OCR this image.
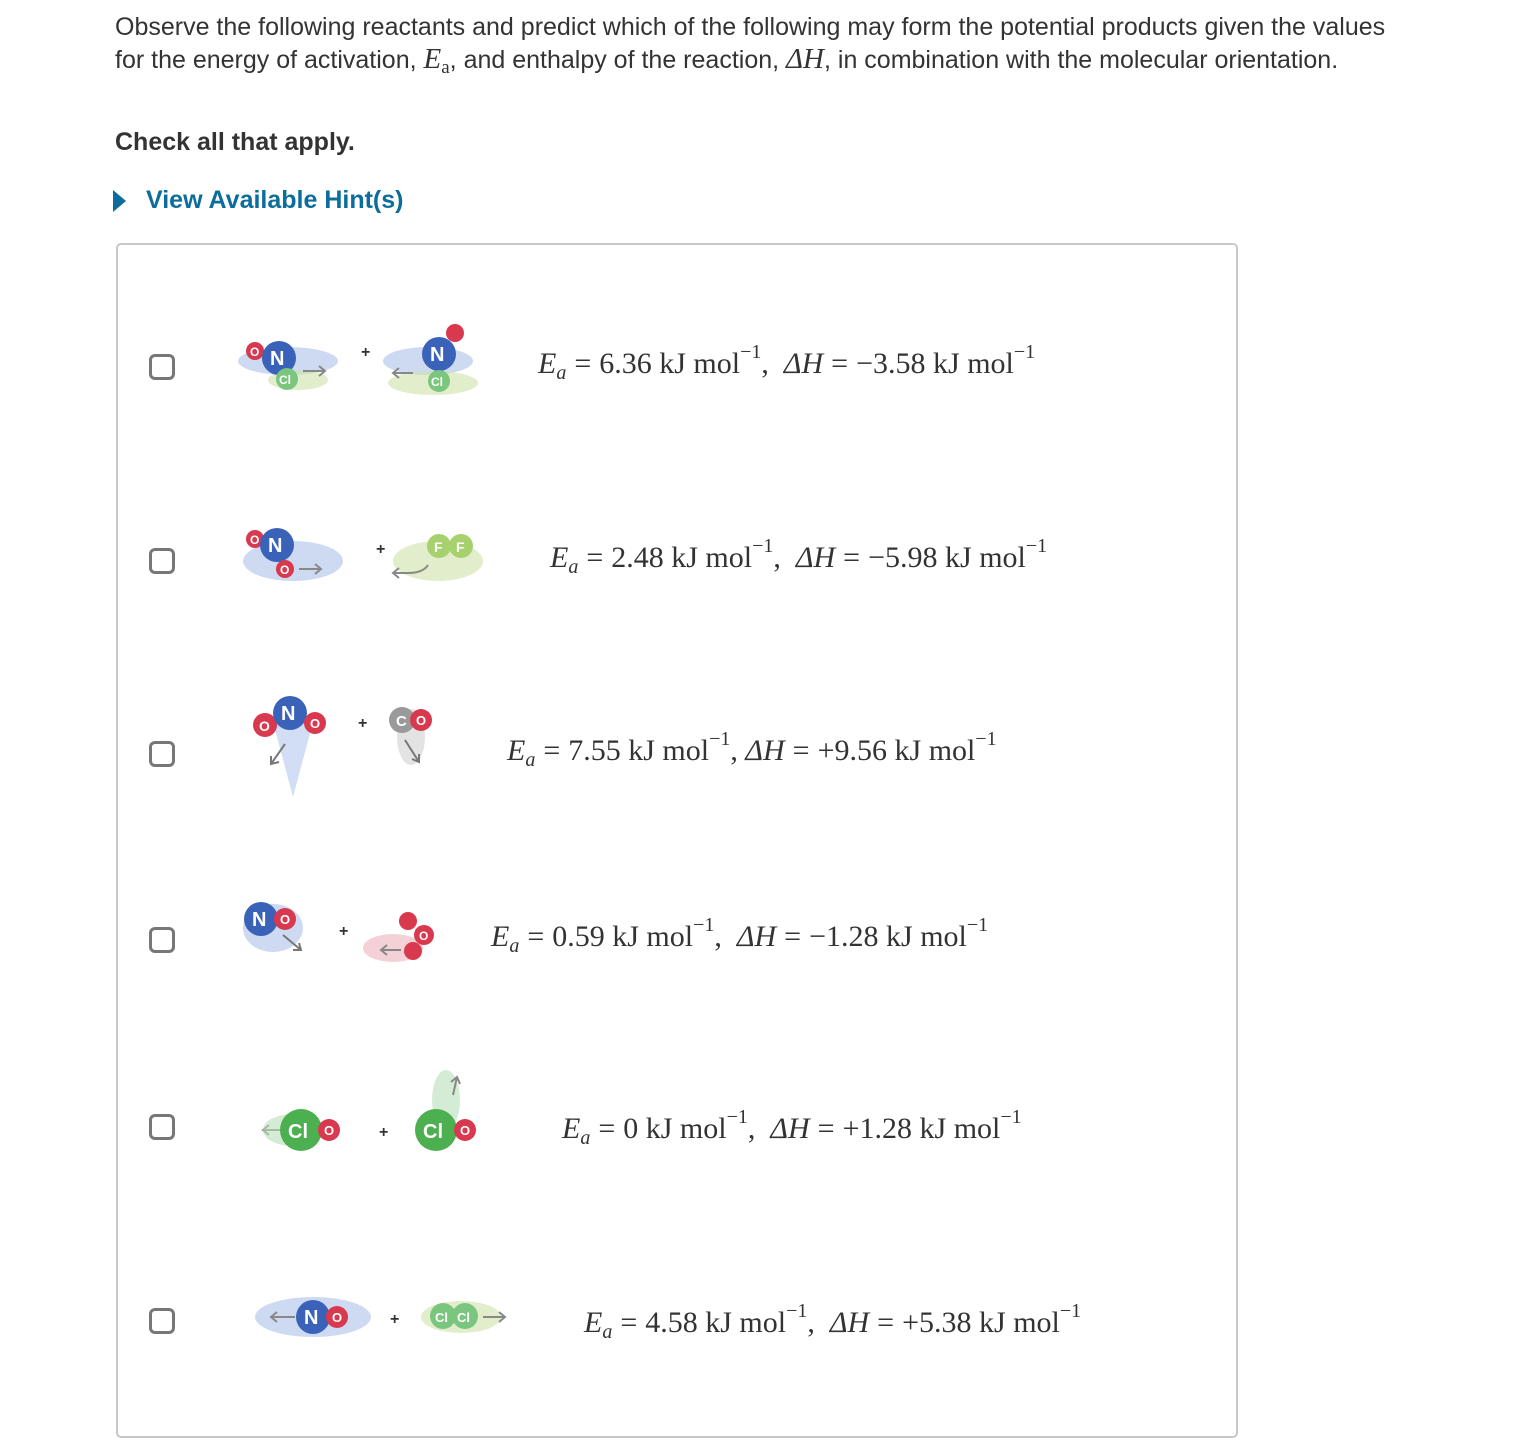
Observe the following reactants and predict which of the following may form the potential products given the values
for the energy of activation, $E_a$, and enthalpy of the reaction, ΔH, in combination with the molecular orientation.
Check all that apply.
View Available Hint(s)
O N
Cl
+	N
Cl
$E_a = 6.36$ kJ mol$^{-1}$, ΔH = −3.58 kJ mol$^{-1}$
O N
O
+	F F	$E_a = 2.48$ kJ mol$^{-1}$, ΔH = −5.98 kJ mol$^{-1}$
O
N O + C O
$E_a = 7.55$ kJ mol$^{-1}$, ΔH = +9.56 kJ mol$^{-1}$
N O
+	O $E_a = 0.59$ kJ mol$^{-1}$, ΔH = −1.28 kJ mol$^{-1}$
Cl O	+ Cl O	$E_a = 0$ kJ mol$^{-1}$, ΔH = +1.28 kJ mol$^{-1}$
N O	+	Cl Cl	$E_a = 4.58$ kJ mol$^{-1}$, ΔH = +5.38 kJ mol$^{-1}$
